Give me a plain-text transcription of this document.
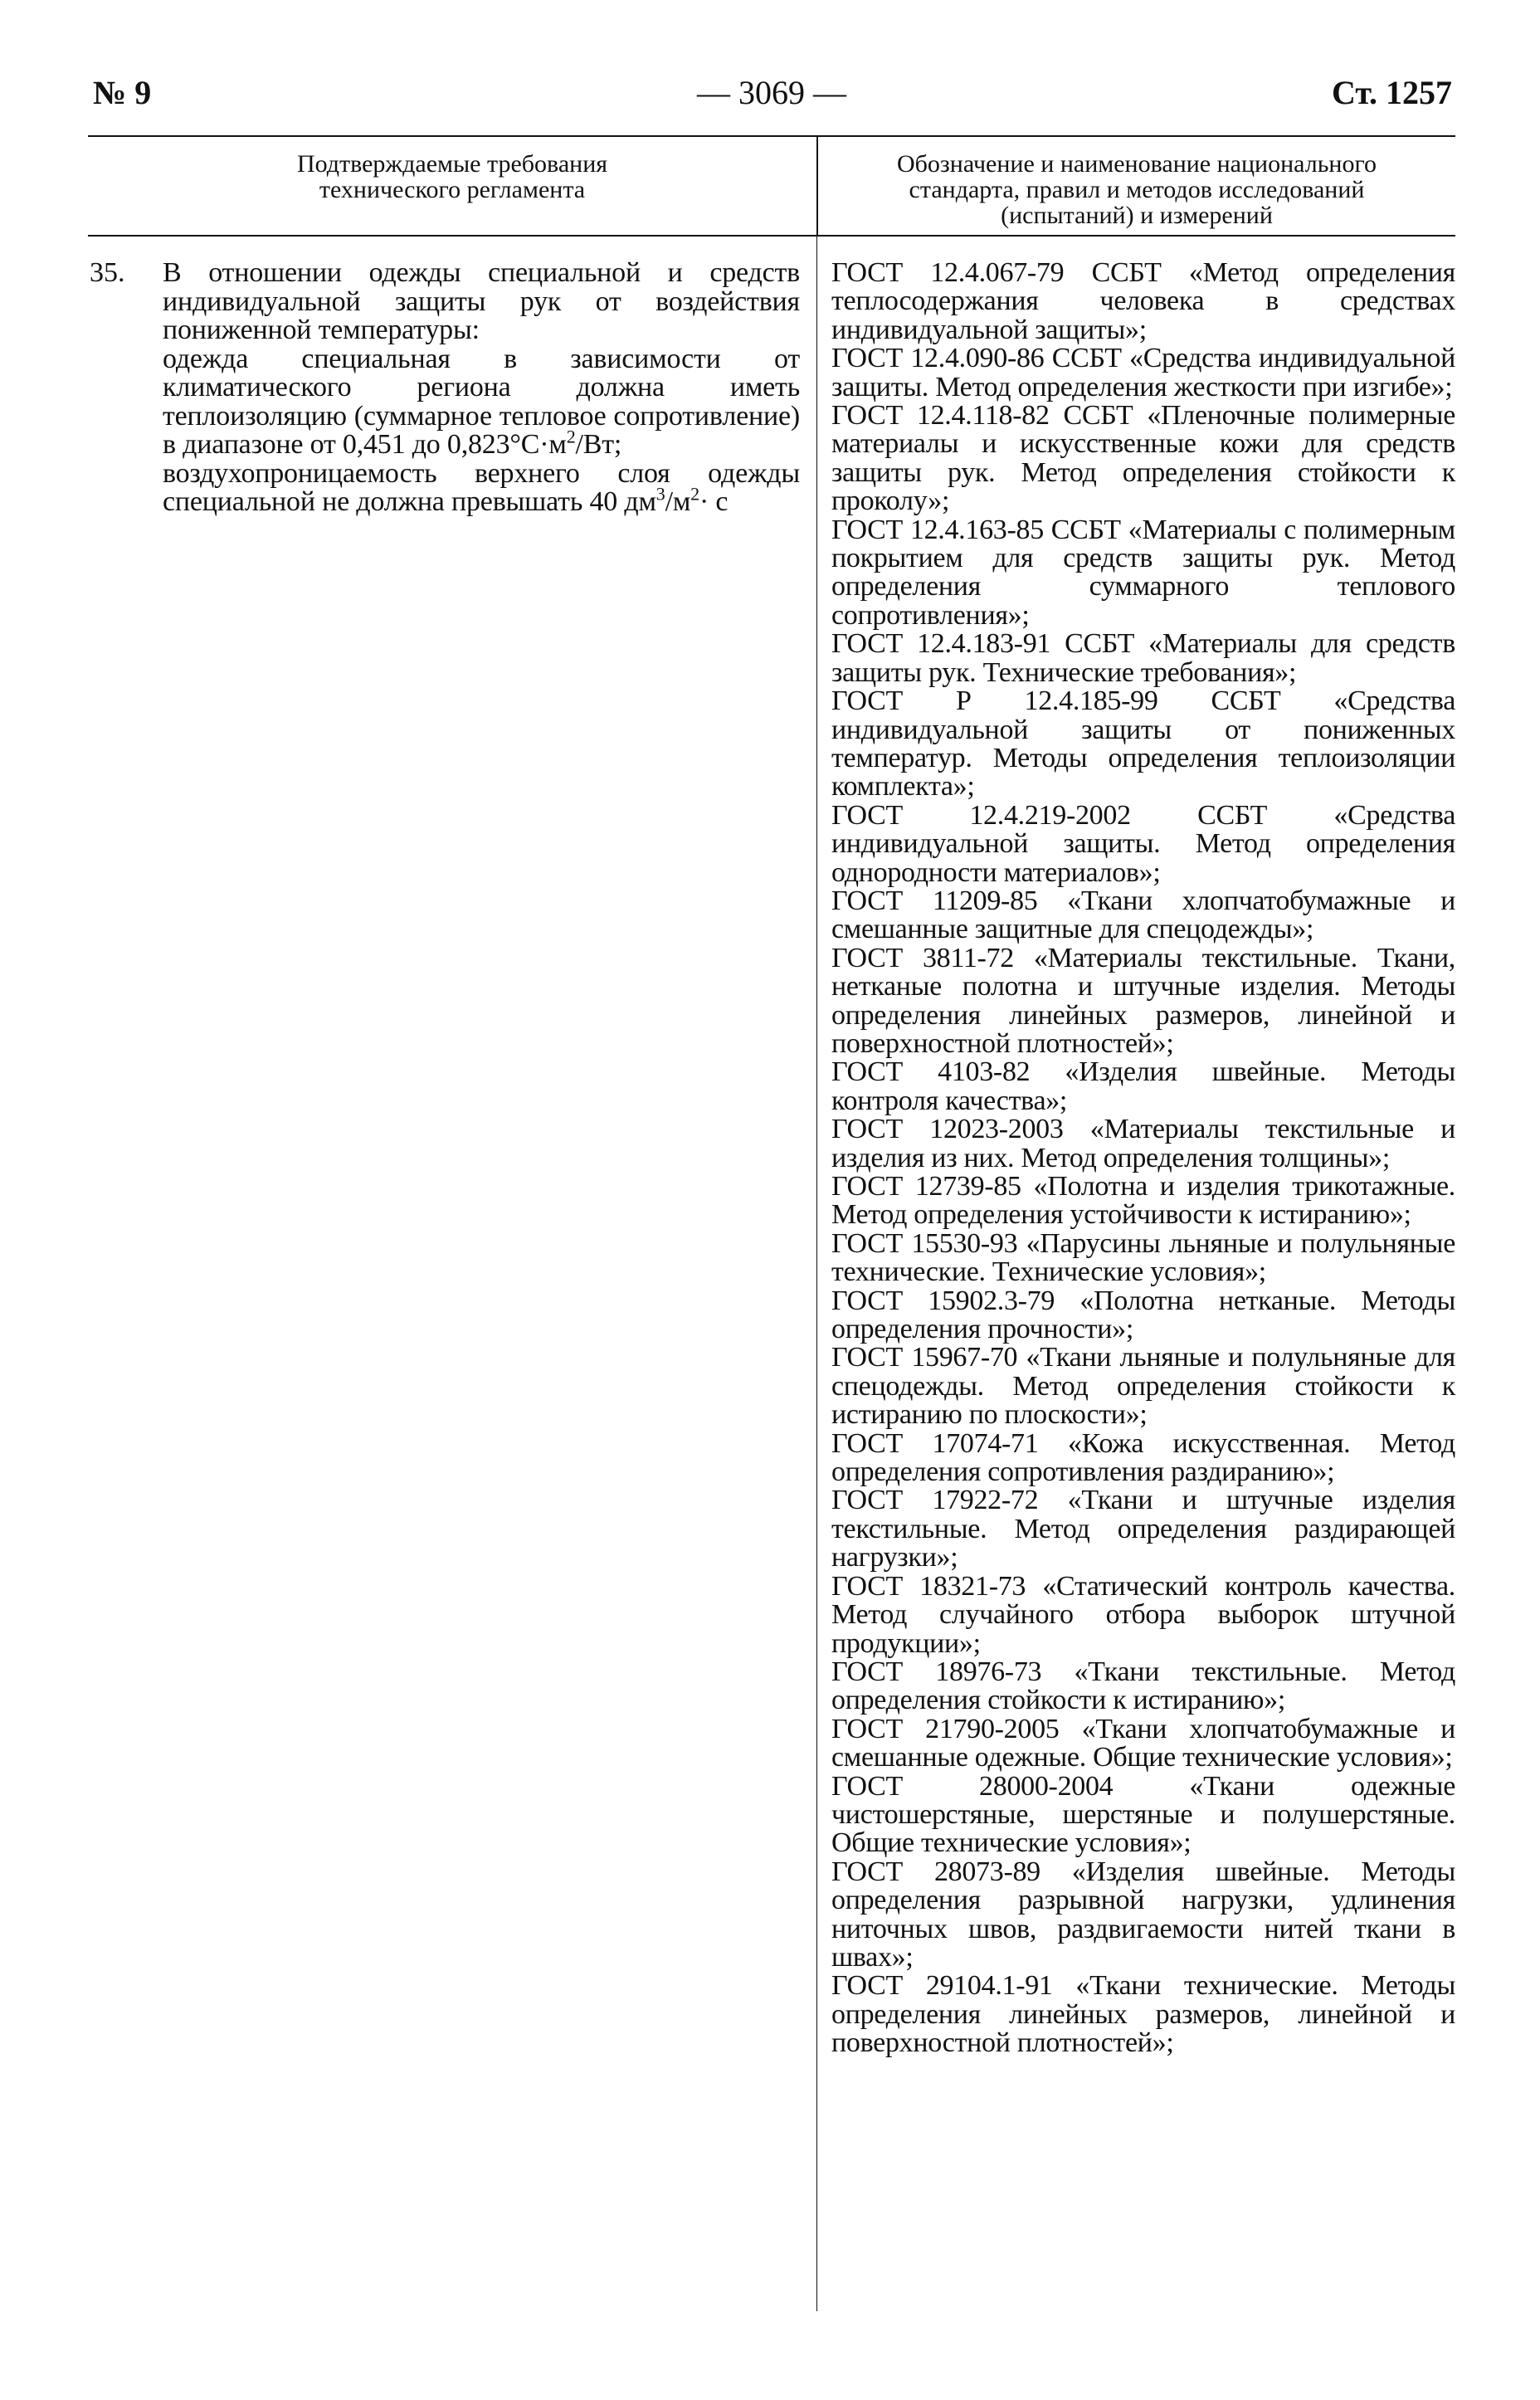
№ 9	— 3069 —	Ст. 1257
Подтверждаемые требования
технического регламента
Обозначение и наименование национального
стандарта, правил и методов исследований
(испытаний) и измерений
35. В отношении одежды специальной и средств индивидуальной защиты рук от воздействия пониженной температуры:

одежда специальная в зависимости от климатического региона должна иметь теплоизоляцию (суммарное тепловое сопротивление) в диапазоне от 0,451 до $0,823^\circ С\cdot м^2/Вт$;

воздухопроницаемость верхнего слоя одежды специальной не должна превышать 40 $дм^3/м^2\cdot с$

ГОСТ 12.4.067-79 ССБТ «Метод определения теплосодержания человека в средствах индивидуальной защиты»;

ГОСТ 12.4.090-86 ССБТ «Средства индивидуальной защиты. Метод определения жесткости при изгибе»;

ГОСТ 12.4.118-82 ССБТ «Пленочные полимерные материалы и искусственные кожи для средств защиты рук. Метод определения стойкости к проколу»;

ГОСТ 12.4.163-85 ССБТ «Материалы с полимерным покрытием для средств защиты рук. Метод определения суммарного теплового сопротивления»;

ГОСТ 12.4.183-91 ССБТ «Материалы для средств защиты рук. Технические требования»;

ГОСТ Р 12.4.185-99 ССБТ «Средства индивидуальной защиты от пониженных температур. Методы определения теплоизоляции комплекта»;

ГОСТ 12.4.219-2002 ССБТ «Средства индивидуальной защиты. Метод определения однородности материалов»;

ГОСТ 11209-85 «Ткани хлопчатобумажные и смешанные защитные для спецодежды»;

ГОСТ 3811-72 «Материалы текстильные. Ткани, нетканые полотна и штучные изделия. Методы определения линейных размеров, линейной и поверхностной плотностей»;

ГОСТ 4103-82 «Изделия швейные. Методы контроля качества»;

ГОСТ 12023-2003 «Материалы текстильные и изделия из них. Метод определения толщины»;

ГОСТ 12739-85 «Полотна и изделия трикотажные. Метод определения устойчивости к истиранию»;

ГОСТ 15530-93 «Парусины льняные и полульняные технические. Технические условия»;

ГОСТ 15902.3-79 «Полотна нетканые. Методы определения прочности»;

ГОСТ 15967-70 «Ткани льняные и полульняные для спецодежды. Метод определения стойкости к истиранию по плоскости»;

ГОСТ 17074-71 «Кожа искусственная. Метод определения сопротивления раздиранию»;

ГОСТ 17922-72 «Ткани и штучные изделия текстильные. Метод определения раздирающей нагрузки»;

ГОСТ 18321-73 «Статический контроль качества. Метод случайного отбора выборок штучной продукции»;

ГОСТ 18976-73 «Ткани текстильные. Метод определения стойкости к истиранию»;

ГОСТ 21790-2005 «Ткани хлопчатобумажные и смешанные одежные. Общие технические условия»;

ГОСТ 28000-2004 «Ткани одежные чистошерстяные, шерстяные и полушерстяные. Общие технические условия»;

ГОСТ 28073-89 «Изделия швейные. Методы определения разрывной нагрузки, удлинения ниточных швов, раздвигаемости нитей ткани в швах»;

ГОСТ 29104.1-91 «Ткани технические. Методы определения линейных размеров, линейной и поверхностной плотностей»;
